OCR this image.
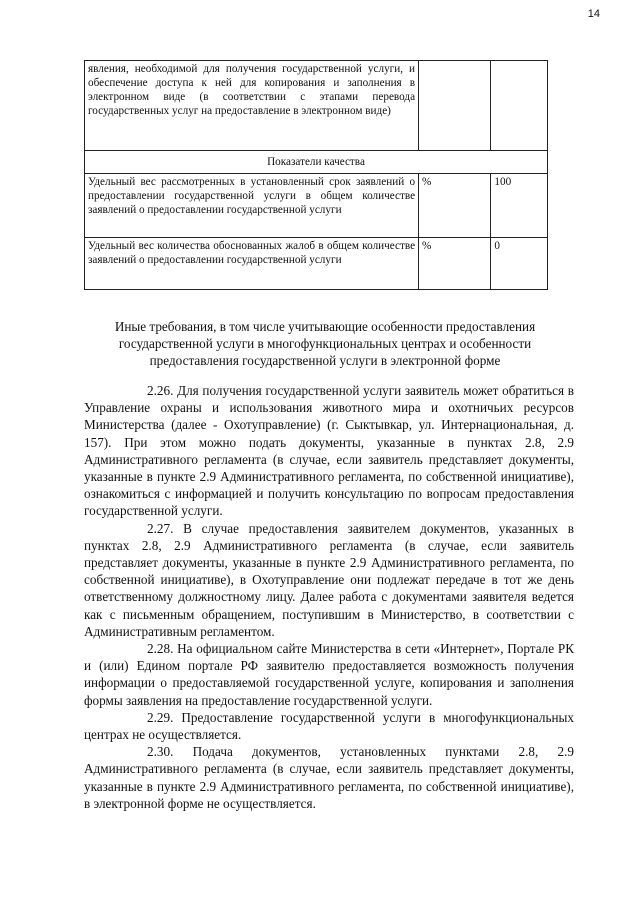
14
явления, необходимой для получения государственной услуги, и обеспечение доступа к ней для копирования и заполнения в электронном виде (в соответствии с этапами перевода государственных услуг на предоставление в электронном виде)		
Показатели качества		
Удельный вес рассмотренных в установленный срок заявлений о предоставлении государственной услуги в общем количестве заявлений о предоставлении государственной услуги	%	100
Удельный вес количества обоснованных жалоб в общем количестве заявлений о предоставлении государственной услуги	%	0
Иные требования, в том числе учитывающие особенности предоставления государственной услуги в многофункциональных центрах и особенности предоставления государственной услуги в электронной форме

2.26. Для получения государственной услуги заявитель может обратиться в Управление охраны и использования животного мира и охотничьих ресурсов Министерства (далее - Охотуправление) (г. Сыктывкар, ул. Интернациональная, д. 157). При этом можно подать документы, указанные в пунктах 2.8, 2.9 Административного регламента (в случае, если заявитель представляет документы, указанные в пункте 2.9 Административного регламента, по собственной инициативе), ознакомиться с информацией и получить консультацию по вопросам предоставления государственной услуги.

2.27. В случае предоставления заявителем документов, указанных в пунктах 2.8, 2.9 Административного регламента (в случае, если заявитель представляет документы, указанные в пункте 2.9 Административного регламента, по собственной инициативе), в Охотуправление они подлежат передаче в тот же день ответственному должностному лицу. Далее работа с документами заявителя ведется как с письменным обращением, поступившим в Министерство, в соответствии с Административным регламентом.

2.28. На официальном сайте Министерства в сети «Интернет», Портале РК и (или) Едином портале РФ заявителю предоставляется возможность получения информации о предоставляемой государственной услуге, копирования и заполнения формы заявления на предоставление государственной услуги.

2.29. Предоставление государственной услуги в многофункциональных центрах не осуществляется.

2.30. Подача документов, установленных пунктами 2.8, 2.9 Административного регламента (в случае, если заявитель представляет документы, указанные в пункте 2.9 Административного регламента, по собственной инициативе), в электронной форме не осуществляется.
